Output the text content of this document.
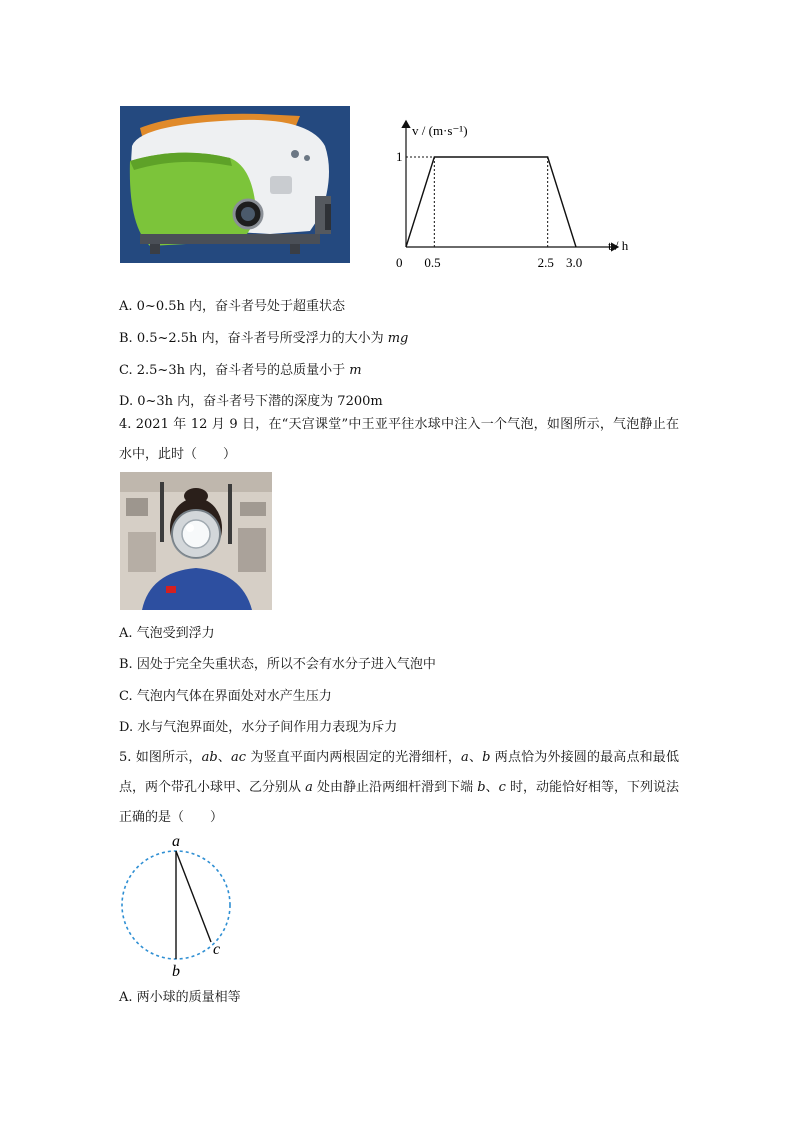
v / (m·s⁻¹)
t / h
1
0 0.5	2.5 3.0
A. 0~0.5h 内，奋斗者号处于超重状态
B. 0.5~2.5h 内，奋斗者号所受浮力的大小为 mg
C. 2.5~3h 内，奋斗者号的总质量小于 m
D. 0~3h 内，奋斗者号下潜的深度为 7200m
4. 2021 年 12 月 9 日，在“天宫课堂”中王亚平往水球中注入一个气泡，如图所示，气泡静止在水中，此时（　　）
A. 气泡受到浮力
B. 因处于完全失重状态，所以不会有水分子进入气泡中
C. 气泡内气体在界面处对水产生压力
D. 水与气泡界面处，水分子间作用力表现为斥力
5. 如图所示，ab、ac 为竖直平面内两根固定的光滑细杆，a、b 两点恰为外接圆的最高点和最低点，两个带孔小球甲、乙分别从 a 处由静止沿两细杆滑到下端 b、c 时，动能恰好相等，下列说法正确的是（　　）
a
b
c
A. 两小球的质量相等
